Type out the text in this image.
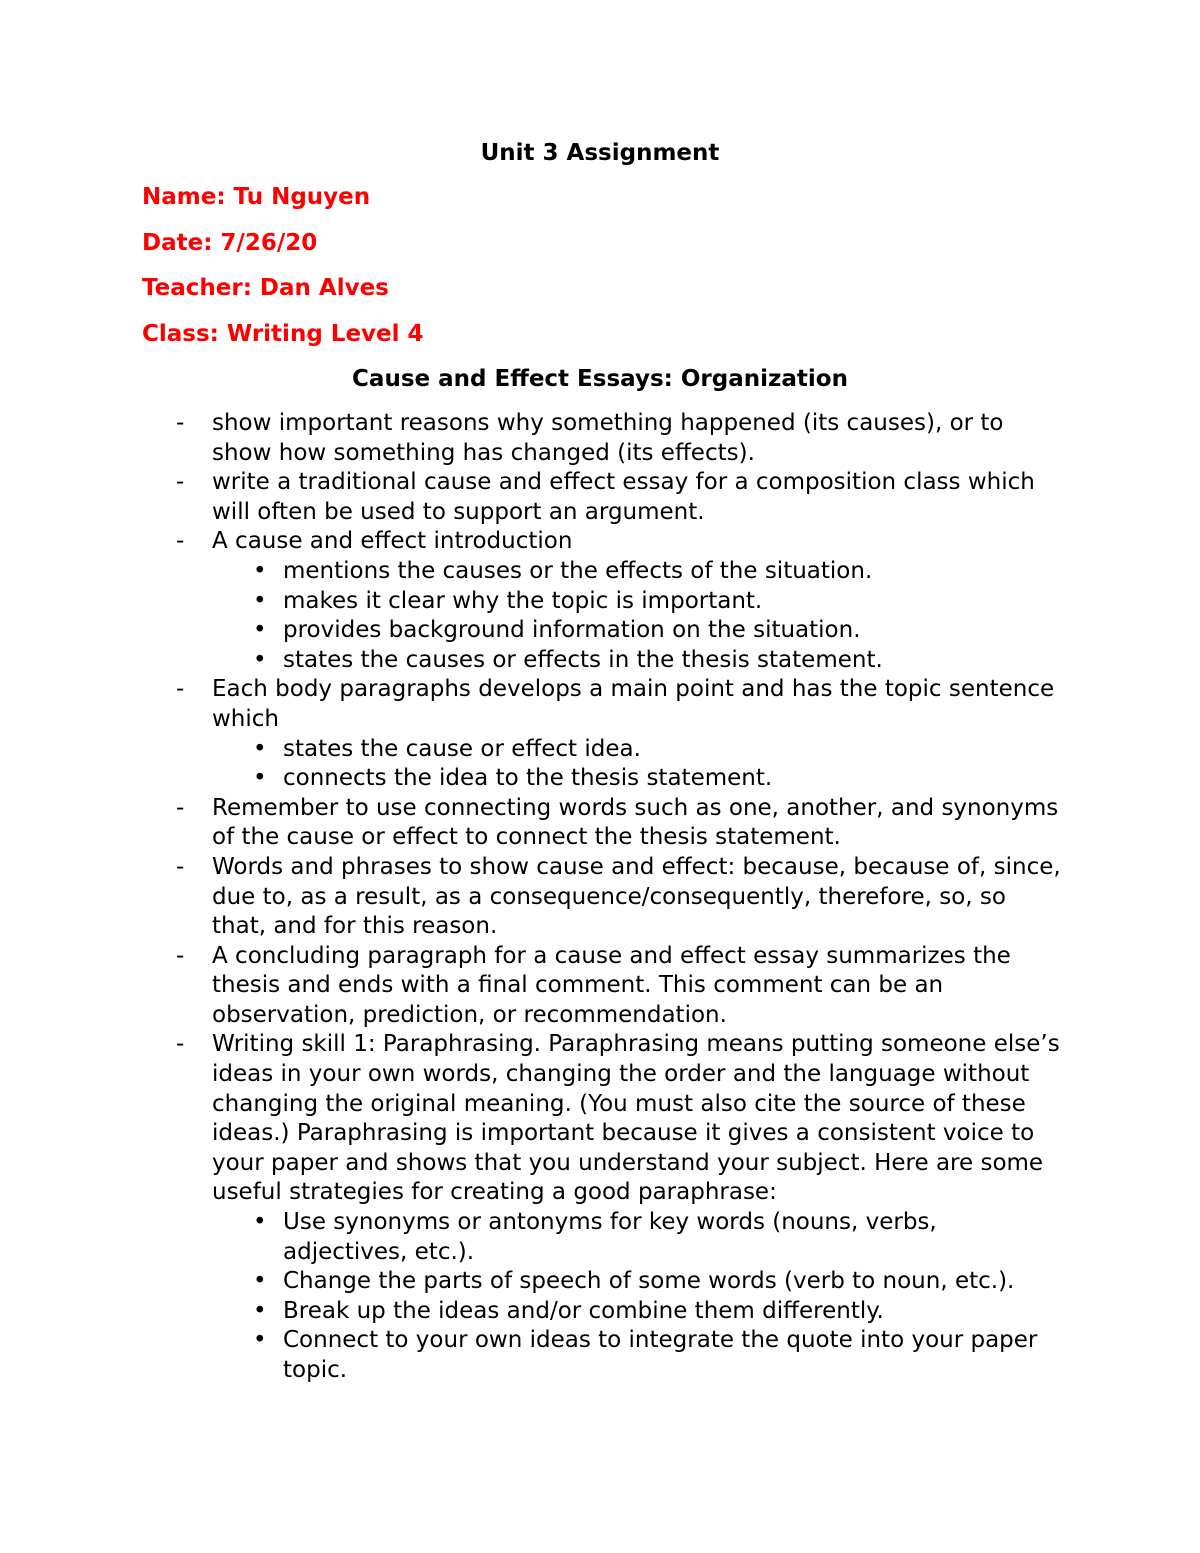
Unit 3 Assignment
Name: Tu Nguyen
Date: 7/26/20
Teacher: Dan Alves
Class: Writing Level 4
Cause and Effect Essays: Organization
-	show important reasons why something happened (its causes), or to show how something has changed (its effects).
-	write a traditional cause and effect essay for a composition class which will often be used to support an argument.
-	A cause and effect introduction
• mentions the causes or the effects of the situation.
• makes it clear why the topic is important.
• provides background information on the situation.
• states the causes or effects in the thesis statement.
-	Each body paragraphs develops a main point and has the topic sentence which
• states the cause or effect idea.
• connects the idea to the thesis statement.
-	Remember to use connecting words such as one, another, and synonyms of the cause or effect to connect the thesis statement.
-	Words and phrases to show cause and effect: because, because of, since, due to, as a result, as a consequence/consequently, therefore, so, so that, and for this reason.
-	A concluding paragraph for a cause and effect essay summarizes the thesis and ends with a final comment. This comment can be an observation, prediction, or recommendation.
-	Writing skill 1: Paraphrasing. Paraphrasing means putting someone else’s ideas in your own words, changing the order and the language without changing the original meaning. (You must also cite the source of these ideas.) Paraphrasing is important because it gives a consistent voice to your paper and shows that you understand your subject. Here are some useful strategies for creating a good paraphrase:
• Use synonyms or antonyms for key words (nouns, verbs, adjectives, etc.).
• Change the parts of speech of some words (verb to noun, etc.).
• Break up the ideas and/or combine them differently.
• Connect to your own ideas to integrate the quote into your paper topic.
